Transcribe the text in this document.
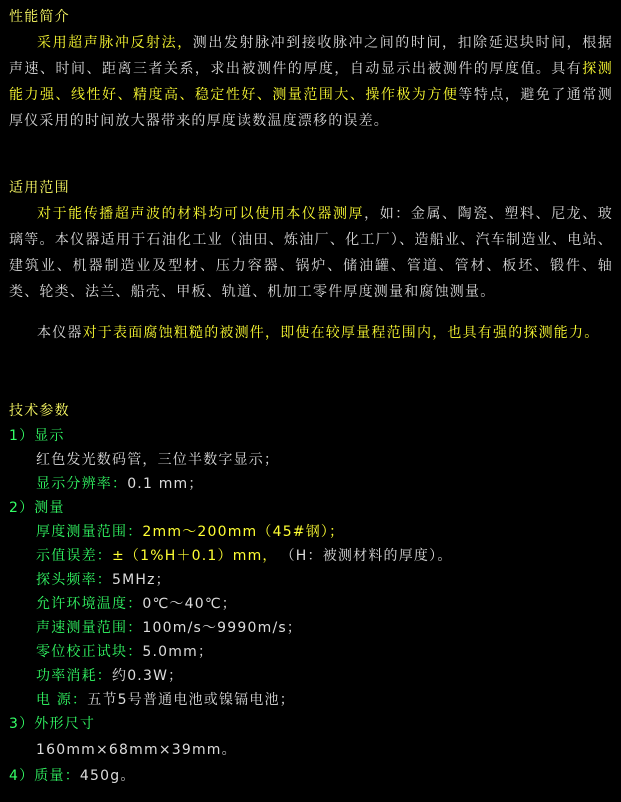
性能简介
采用超声脉冲反射法，测出发射脉冲到接收脉冲之间的时间，扣除延迟块时间，根据声速、时间、距离三者关系，求出被测件的厚度，自动显示出被测件的厚度值。具有探测能力强、线性好、精度高、稳定性好、测量范围大、操作极为方便等特点，避免了通常测厚仪采用的时间放大器带来的厚度读数温度漂移的误差。
适用范围
对于能传播超声波的材料均可以使用本仪器测厚，如：金属、陶瓷、塑料、尼龙、玻璃等。本仪器适用于石油化工业（油田、炼油厂、化工厂）、造船业、汽车制造业、电站、建筑业、机器制造业及型材、压力容器、锅炉、储油罐、管道、管材、板坯、锻件、轴类、轮类、法兰、船壳、甲板、轨道、机加工零件厚度测量和腐蚀测量。
本仪器对于表面腐蚀粗糙的被测件，即使在较厚量程范围内，也具有强的探测能力。
技术参数
1）显示
红色发光数码管，三位半数字显示；
显示分辨率：0.1 mm；
2）测量
厚度测量范围：2mm～200mm（45#钢）；
示值误差：±（1%H＋0.1）mm， （H：被测材料的厚度）。
探头频率：5MHz；
允许环境温度：0℃～40℃；
声速测量范围：100m/s～9990m/s；
零位校正试块：5.0mm；
功率消耗：约0.3W；
电 源：五节5号普通电池或镍镉电池；
3）外形尺寸
160mm×68mm×39mm。
4）质量：450g。
